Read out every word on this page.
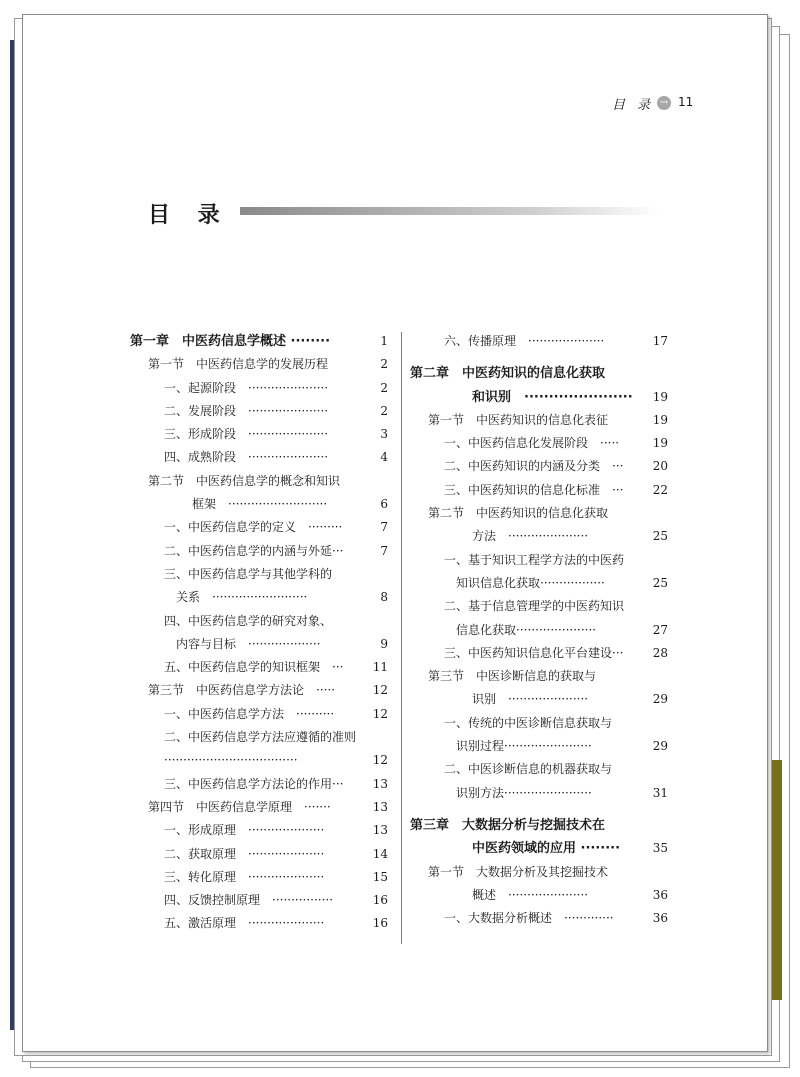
目 录 → 11
目 录
第一章　中医药信息学概述 ········	1
第一节　中医药信息学的发展历程	2
一、起源阶段　·····················	2
二、发展阶段　·····················	2
三、形成阶段　·····················	3
四、成熟阶段　·····················	4
第二节　中医药信息学的概念和知识
框架　··························	6
一、中医药信息学的定义　·········	7
二、中医药信息学的内涵与外延···	7
三、中医药信息学与其他学科的
关系　·························	8
四、中医药信息学的研究对象、
内容与目标　···················	9
五、中医药信息学的知识框架　··· 11
第三节　中医药信息学方法论　·····	12
一、中医药信息学方法　··········	12
二、中医药信息学方法应遵循的准则
···································	12
三、中医药信息学方法论的作用··· 13
第四节　中医药信息学原理　·······	13
一、形成原理　····················	13
二、获取原理　····················	14
三、转化原理　····················	15
四、反馈控制原理　················	16
五、激活原理　····················	16
六、传播原理　····················	17
第二章　中医药知识的信息化获取
和识别　······················ 19
第一节　中医药知识的信息化表征	19
一、中医药信息化发展阶段　·····	19
二、中医药知识的内涵及分类　··· 20
三、中医药知识的信息化标准　··· 22
第二节　中医药知识的信息化获取
方法　·····················	25
一、基于知识工程学方法的中医药
知识信息化获取·················	25
二、基于信息管理学的中医药知识
信息化获取·····················	27
三、中医药知识信息化平台建设··· 28
第三节　中医诊断信息的获取与
识别　·····················	29
一、传统的中医诊断信息获取与
识别过程·······················	29
二、中医诊断信息的机器获取与
识别方法·······················	31
第三章　大数据分析与挖掘技术在
中医药领域的应用 ········	35
第一节　大数据分析及其挖掘技术
概述　·····················	36
一、大数据分析概述　·············	36
